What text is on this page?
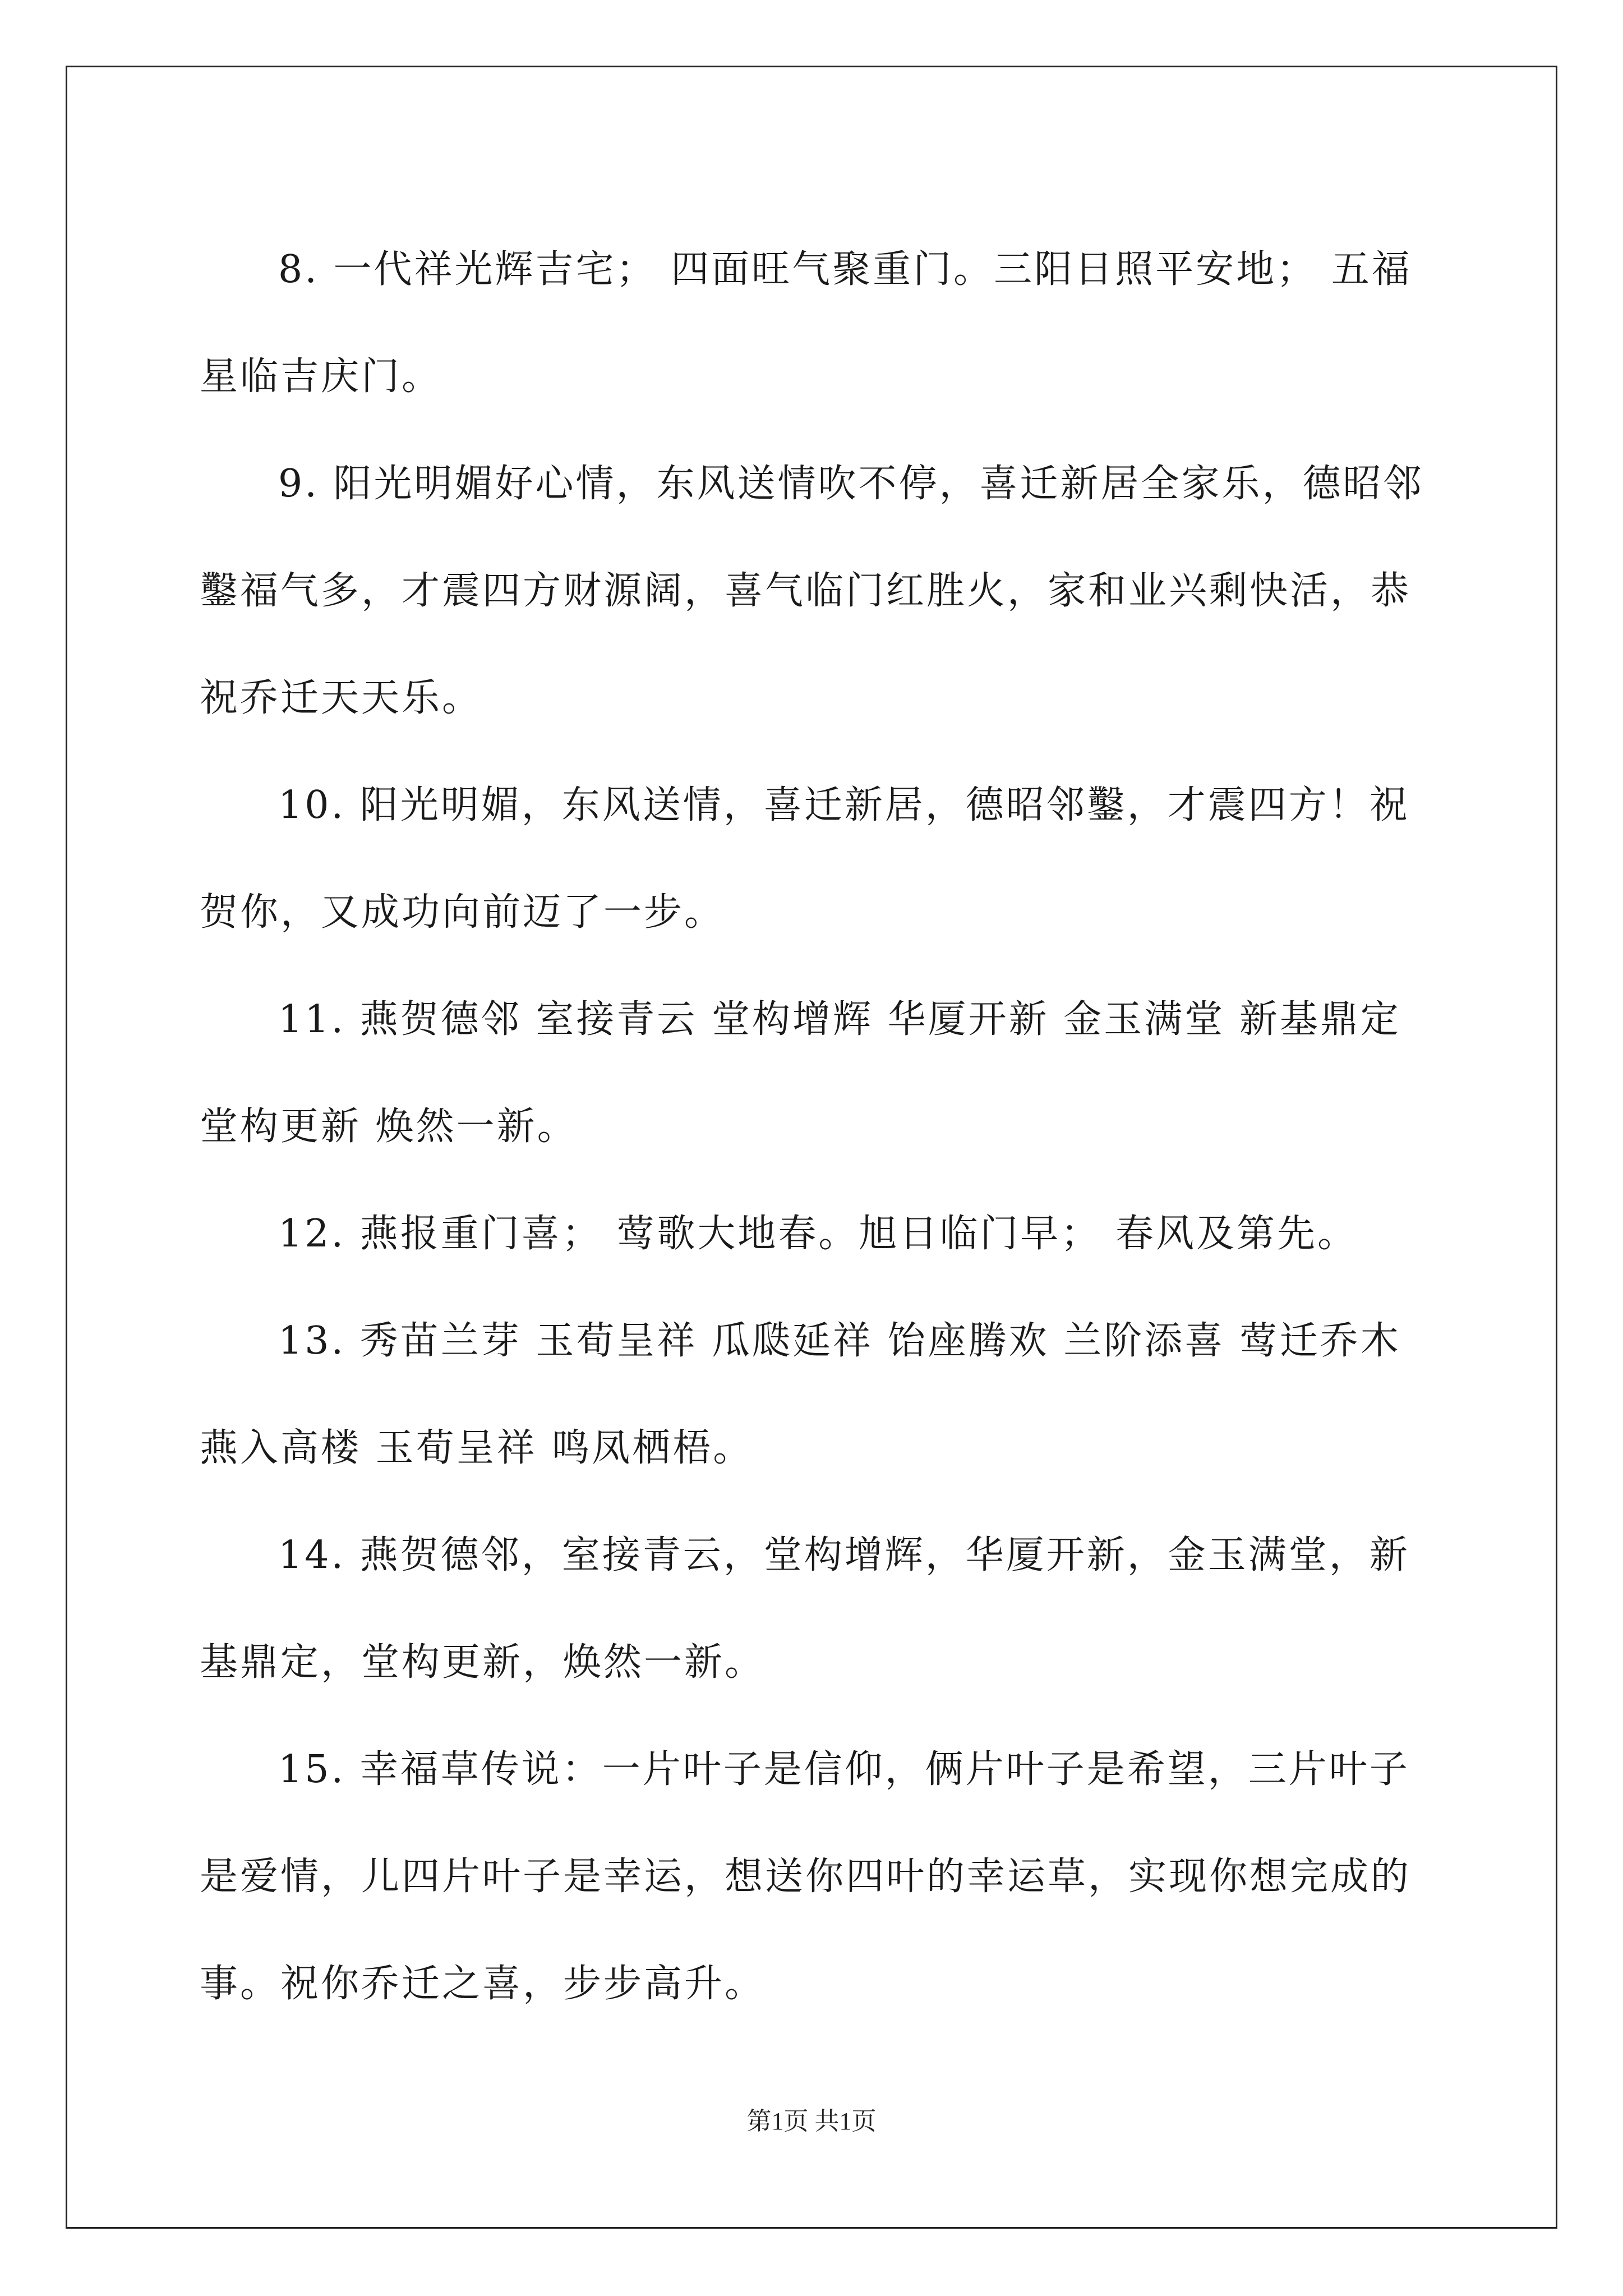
8. 一代祥光辉吉宅； 四面旺气聚重门。三阳日照平安地； 五福星临吉庆门。

9. 阳光明媚好心情，东风送情吹不停，喜迁新居全家乐，德昭邻鑿福气多，才震四方财源阔，喜气临门红胜火，家和业兴剩快活，恭祝乔迁天天乐。

10. 阳光明媚，东风送情，喜迁新居，德昭邻鑿，才震四方！祝贺你，又成功向前迈了一步。

11. 燕贺德邻 室接青云 堂构增辉 华厦开新 金玉满堂 新基鼎定 堂构更新 焕然一新。

12. 燕报重门喜； 莺歌大地春。旭日临门早； 春风及第先。

13. 秀苗兰芽 玉荀呈祥 瓜瓞延祥 饴座腾欢 兰阶添喜 莺迁乔木 燕入高楼 玉荀呈祥 鸣凤栖梧。

14. 燕贺德邻，室接青云，堂构增辉，华厦开新，金玉满堂，新基鼎定，堂构更新，焕然一新。

15. 幸福草传说：一片叶子是信仰，俩片叶子是希望，三片叶子是爱情，儿四片叶子是幸运，想送你四叶的幸运草，实现你想完成的事。祝你乔迁之喜，步步高升。

第1页 共1页
